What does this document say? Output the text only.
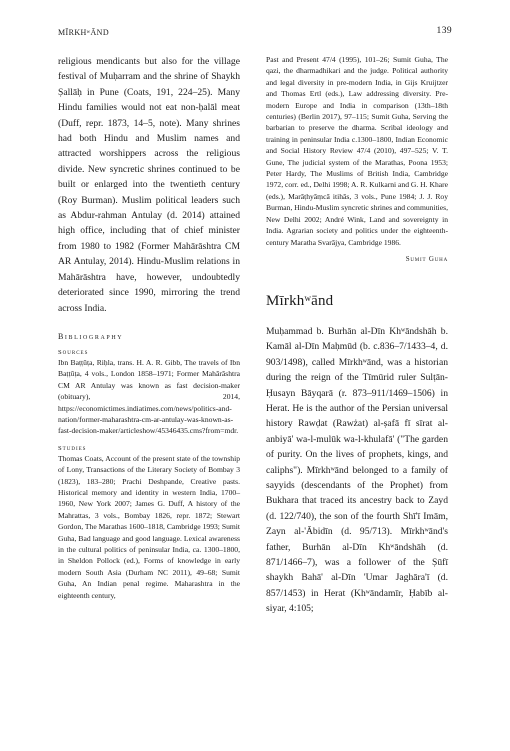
MĪRKHʷĀND	139

religious mendicants but also for the village festival of Muḥarram and the shrine of Shaykh Ṣallāḥ in Pune (Coats, 191, 224–25). Many Hindu families would not eat non-ḥalāl meat (Duff, repr. 1873, 14–5, note). Many shrines had both Hindu and Muslim names and attracted worshippers across the religious divide. New syncretic shrines continued to be built or enlarged into the twentieth century (Roy Burman). Muslim political leaders such as Abdur-rahman Antulay (d. 2014) attained high office, including that of chief minister from 1980 to 1982 (Former Mahārāshtra CM AR Antulay, 2014). Hindu-Muslim relations in Mahārāshtra have, however, undoubtedly deteriorated since 1990, mirroring the trend across India.

Bibliography
Sources

Ibn Baṭṭūṭa, Riḥla, trans. H. A. R. Gibb, The travels of Ibn Baṭṭūṭa, 4 vols., London 1858–1971; Former Mahārāshtra CM AR Antulay was known as fast decision-maker (obituary), 2014, https://economictimes.indiatimes.com/news/politics-and-nation/former-maharashtra-cm-ar-antulay-was-known-as-fast-decision-maker/articleshow/45346435.cms?from=mdr.

Studies

Thomas Coats, Account of the present state of the township of Lony, Transactions of the Literary Society of Bombay 3 (1823), 183–280; Prachi Deshpande, Creative pasts. Historical memory and identity in western India, 1700–1960, New York 2007; James G. Duff, A history of the Mahrattas, 3 vols., Bombay 1826, repr. 1872; Stewart Gordon, The Marathas 1600–1818, Cambridge 1993; Sumit Guha, Bad language and good language. Lexical awareness in the cultural politics of peninsular India, ca. 1300–1800, in Sheldon Pollock (ed.), Forms of knowledge in early modern South Asia (Durham NC 2011), 49–68; Sumit Guha, An Indian penal regime. Maharashtra in the eighteenth century,

Past and Present 47/4 (1995), 101–26; Sumit Guha, The qazi, the dharmadhikari and the judge. Political authority and legal diversity in pre-modern India, in Gijs Kruijtzer and Thomas Ertl (eds.), Law addressing diversity. Pre-modern Europe and India in comparison (13th–18th centuries) (Berlin 2017), 97–115; Sumit Guha, Serving the barbarian to preserve the dharma. Scribal ideology and training in peninsular India c.1300–1800, Indian Economic and Social History Review 47/4 (2010), 497–525; V. T. Gune, The judicial system of the Marathas, Poona 1953; Peter Hardy, The Muslims of British India, Cambridge 1972, corr. ed., Delhi 1998; A. R. Kulkarni and G. H. Khare (eds.), Marāṭhyāṃcā itihās, 3 vols., Pune 1984; J. J. Roy Burman, Hindu-Muslim syncretic shrines and communities, New Delhi 2002; André Wink, Land and sovereignty in India. Agrarian society and politics under the eighteenth-century Maratha Svarājya, Cambridge 1986.

Sumit Guha
Mīrkhʷānd

Muḥammad b. Burhān al-Dīn Khʷāndshāh b. Kamāl al-Dīn Maḥmūd (b. c.836–7/1433–4, d. 903/1498), called Mīrkhʷānd, was a historian during the reign of the Tīmūrid ruler Sulṭān-Ḥusayn Bāyqarā (r. 873–911/1469–1506) in Herat. He is the author of the Persian universal history Rawḍat (Rawżat) al-ṣafā fī sīrat al-anbiyā' wa-l-mulūk wa-l-khulafā' ("The garden of purity. On the lives of prophets, kings, and caliphs"). Mīrkhʷānd belonged to a family of sayyids (descendants of the Prophet) from Bukhara that traced its ancestry back to Zayd (d. 122/740), the son of the fourth Shī'ī Imām, Zayn al-'Ābidīn (d. 95/713). Mīrkhʷānd's father, Burhān al-Dīn Khʷāndshāh (d. 871/1466–7), was a follower of the Ṣūfī shaykh Bahā' al-Dīn 'Umar Jaghāra'ī (d. 857/1453) in Herat (Khʷāndamīr, Ḥabīb al-siyar, 4:105;
